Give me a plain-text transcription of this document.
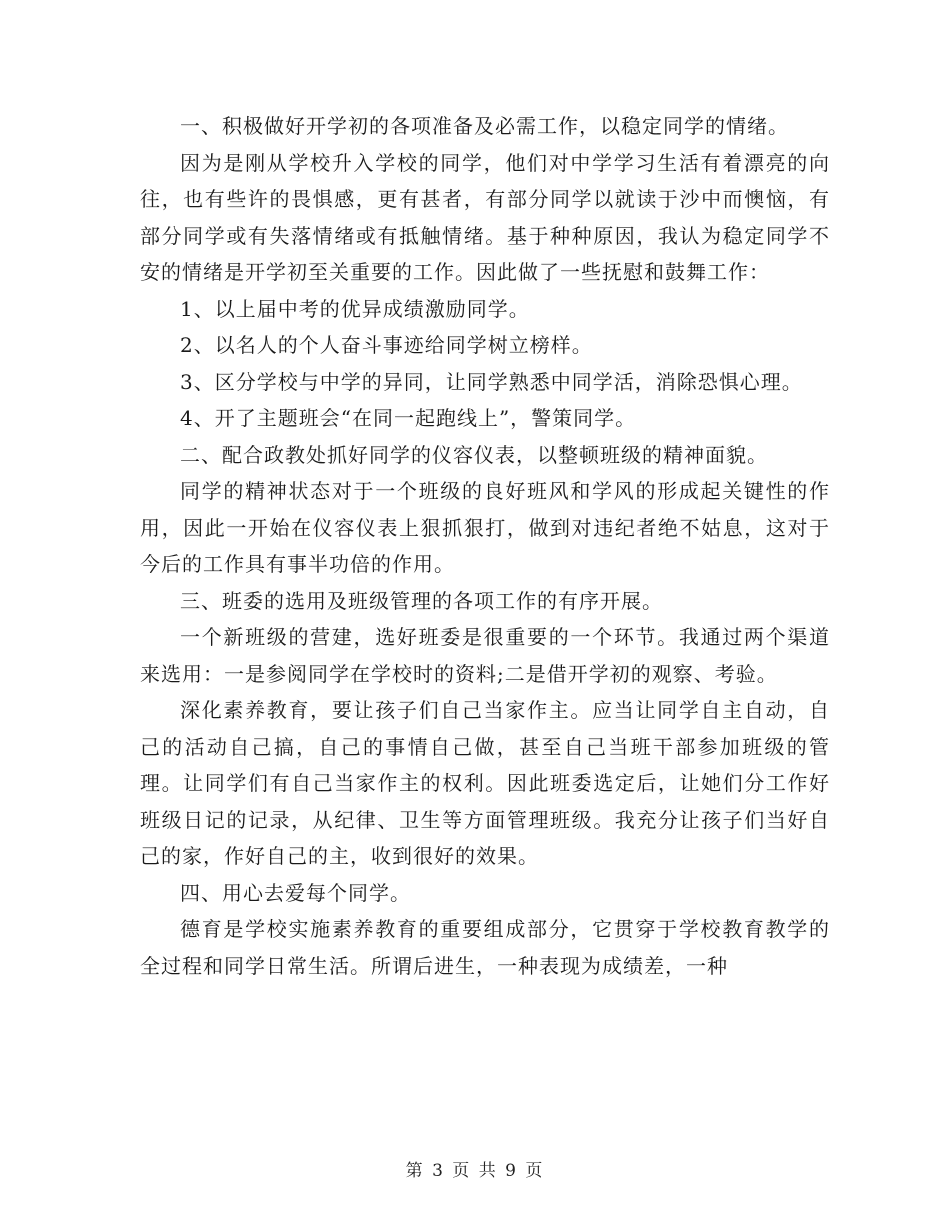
一、积极做好开学初的各项准备及必需工作，以稳定同学的情绪。

因为是刚从学校升入学校的同学，他们对中学学习生活有着漂亮的向往，也有些许的畏惧感，更有甚者，有部分同学以就读于沙中而懊恼，有部分同学或有失落情绪或有抵触情绪。基于种种原因，我认为稳定同学不安的情绪是开学初至关重要的工作。因此做了一些抚慰和鼓舞工作：

1、以上届中考的优异成绩激励同学。

2、以名人的个人奋斗事迹给同学树立榜样。

3、区分学校与中学的异同，让同学熟悉中同学活，消除恐惧心理。

4、开了主题班会“在同一起跑线上”，警策同学。

二、配合政教处抓好同学的仪容仪表，以整顿班级的精神面貌。

同学的精神状态对于一个班级的良好班风和学风的形成起关键性的作用，因此一开始在仪容仪表上狠抓狠打，做到对违纪者绝不姑息，这对于今后的工作具有事半功倍的作用。

三、班委的选用及班级管理的各项工作的有序开展。

一个新班级的营建，选好班委是很重要的一个环节。我通过两个渠道来选用：一是参阅同学在学校时的资料;二是借开学初的观察、考验。

深化素养教育，要让孩子们自己当家作主。应当让同学自主自动，自己的活动自己搞，自己的事情自己做，甚至自己当班干部参加班级的管理。让同学们有自己当家作主的权利。因此班委选定后，让她们分工作好班级日记的记录，从纪律、卫生等方面管理班级。我充分让孩子们当好自己的家，作好自己的主，收到很好的效果。

四、用心去爱每个同学。

德育是学校实施素养教育的重要组成部分，它贯穿于学校教育教学的全过程和同学日常生活。所谓后进生，一种表现为成绩差，一种

第 3 页 共 9 页
